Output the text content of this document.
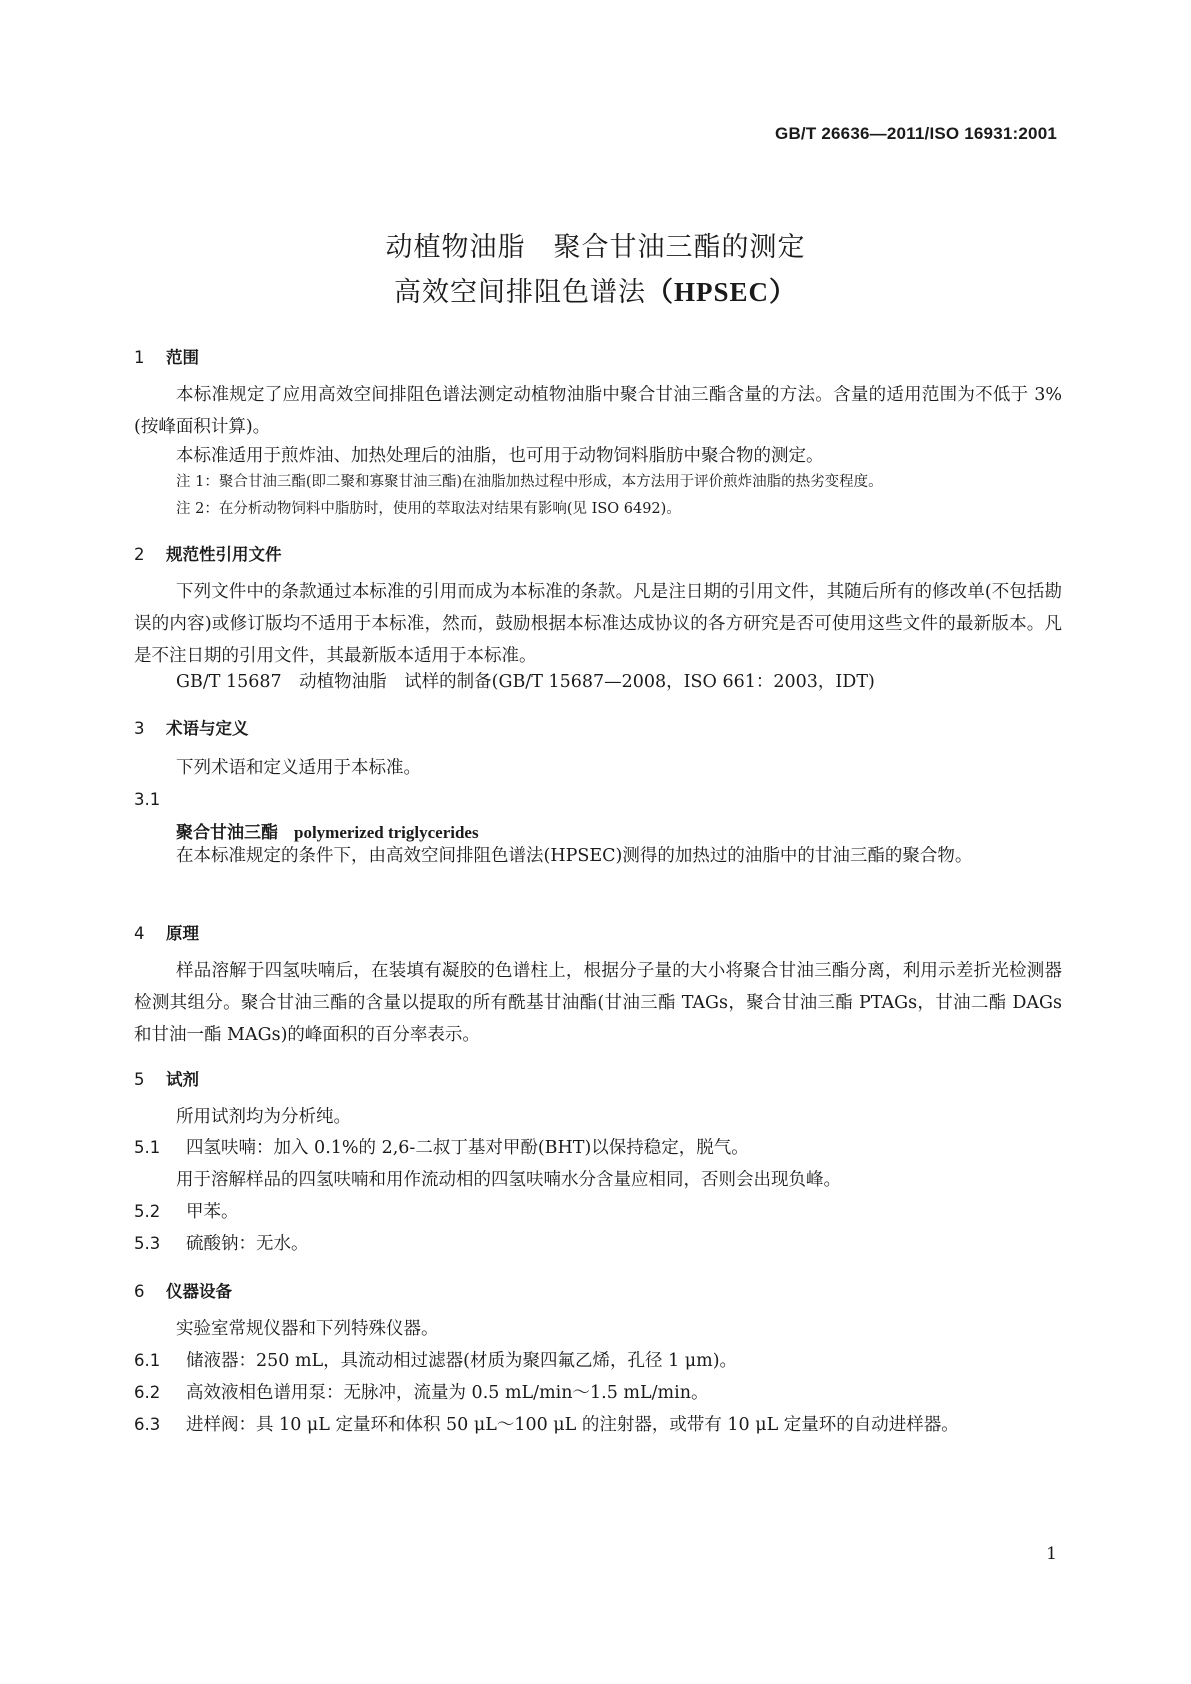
GB/T 26636—2011/ISO 16931:2001
动植物油脂　聚合甘油三酯的测定
高效空间排阻色谱法（HPSEC）
1 范围
本标准规定了应用高效空间排阻色谱法测定动植物油脂中聚合甘油三酯含量的方法。含量的适用范围为不低于 3%(按峰面积计算)。
本标准适用于煎炸油、加热处理后的油脂，也可用于动物饲料脂肪中聚合物的测定。
注 1：聚合甘油三酯(即二聚和寡聚甘油三酯)在油脂加热过程中形成，本方法用于评价煎炸油脂的热劣变程度。
注 2：在分析动物饲料中脂肪时，使用的萃取法对结果有影响(见 ISO 6492)。
2 规范性引用文件
下列文件中的条款通过本标准的引用而成为本标准的条款。凡是注日期的引用文件，其随后所有的修改单(不包括勘误的内容)或修订版均不适用于本标准，然而，鼓励根据本标准达成协议的各方研究是否可使用这些文件的最新版本。凡是不注日期的引用文件，其最新版本适用于本标准。
GB/T 15687　动植物油脂　试样的制备(GB/T 15687—2008，ISO 661：2003，IDT)
3 术语与定义
下列术语和定义适用于本标准。
3.1
聚合甘油三酯 polymerized triglycerides
在本标准规定的条件下，由高效空间排阻色谱法(HPSEC)测得的加热过的油脂中的甘油三酯的聚合物。
4 原理
样品溶解于四氢呋喃后，在装填有凝胶的色谱柱上，根据分子量的大小将聚合甘油三酯分离，利用示差折光检测器检测其组分。聚合甘油三酯的含量以提取的所有酰基甘油酯(甘油三酯 TAGs，聚合甘油三酯 PTAGs，甘油二酯 DAGs 和甘油一酯 MAGs)的峰面积的百分率表示。
5 试剂
所用试剂均为分析纯。
5.1 四氢呋喃：加入 0.1%的 2,6-二叔丁基对甲酚(BHT)以保持稳定，脱气。
用于溶解样品的四氢呋喃和用作流动相的四氢呋喃水分含量应相同，否则会出现负峰。
5.2 甲苯。
5.3 硫酸钠：无水。
6 仪器设备
实验室常规仪器和下列特殊仪器。
6.1 储液器：250 mL，具流动相过滤器(材质为聚四氟乙烯，孔径 1 μm)。
6.2 高效液相色谱用泵：无脉冲，流量为 0.5 mL/min～1.5 mL/min。
6.3 进样阀：具 10 μL 定量环和体积 50 μL～100 μL 的注射器，或带有 10 μL 定量环的自动进样器。
1
